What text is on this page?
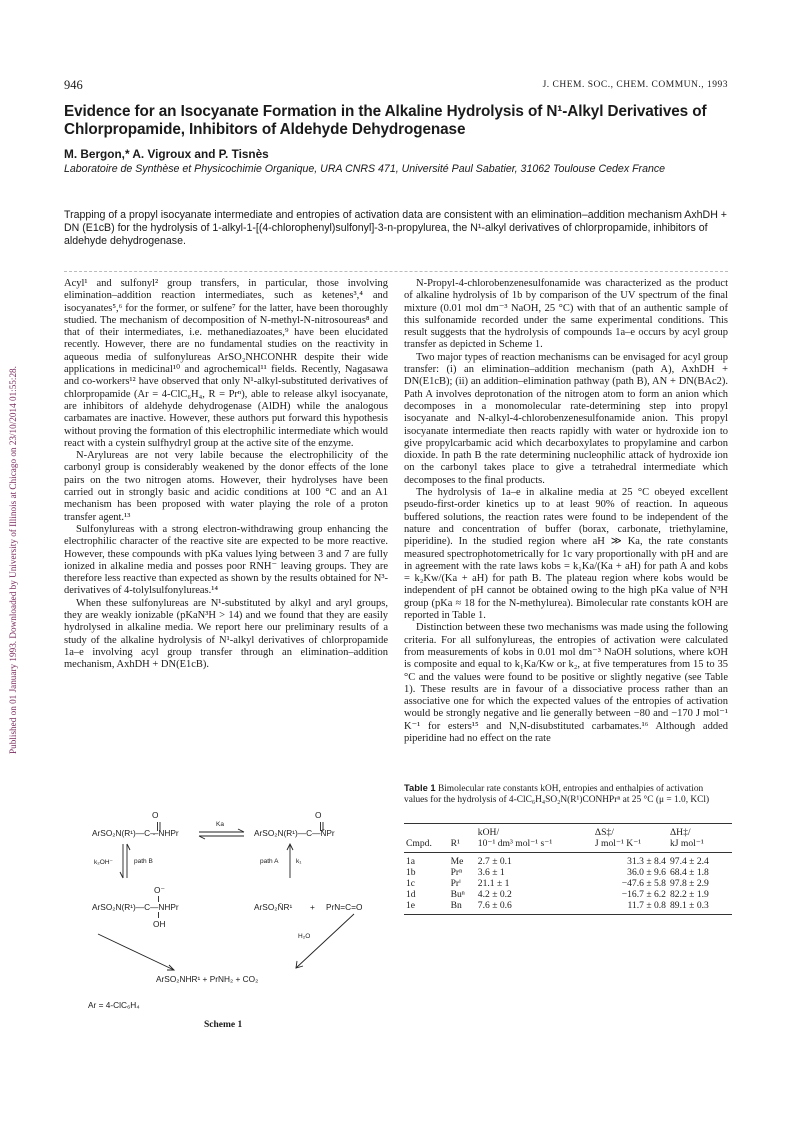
Published on 01 January 1993. Downloaded by University of Illinois at Chicago on 23/10/2014 01:55:28.
946	J. CHEM. SOC., CHEM. COMMUN., 1993
Evidence for an Isocyanate Formation in the Alkaline Hydrolysis of N¹-Alkyl Derivatives of Chlorpropamide, Inhibitors of Aldehyde Dehydrogenase
M. Bergon,* A. Vigroux and P. Tisnès
Laboratoire de Synthèse et Physicochimie Organique, URA CNRS 471, Université Paul Sabatier, 31062 Toulouse Cedex France
Trapping of a propyl isocyanate intermediate and entropies of activation data are consistent with an elimination–addition mechanism AxhDH + DN (E1cB) for the hydrolysis of 1-alkyl-1-[(4-chlorophenyl)sulfonyl]-3-n-propylurea, the N¹-alkyl derivatives of chlorpropamide, inhibitors of aldehyde dehydrogenase.

Acyl¹ and sulfonyl² group transfers, in particular, those involving elimination–addition reaction intermediates, such as ketenes³,⁴ and isocyanates⁵,⁶ for the former, or sulfene⁷ for the latter, have been thoroughly studied. The mechanism of decomposition of N-methyl-N-nitrosoureas⁸ and that of their intermediates, i.e. methanediazoates,⁹ have been elucidated recently. However, there are no fundamental studies on the reactivity in aqueous media of sulfonylureas ArSO₂NHCONHR despite their wide applications in medicinal¹⁰ and agrochemical¹¹ fields. Recently, Nagasawa and co-workers¹² have observed that only N¹-alkyl-substituted derivatives of chlorpropamide (Ar = 4-ClC₆H₄, R = Prⁿ), able to release alkyl isocyanate, are inhibitors of aldehyde dehydrogenase (AlDH) while the analogous carbamates are inactive. However, these authors put forward this hypothesis without proving the formation of this electrophilic intermediate which would react with a cystein sulfhydryl group at the active site of the enzyme.

N-Arylureas are not very labile because the electrophilicity of the carbonyl group is considerably weakened by the donor effects of the lone pairs on the two nitrogen atoms. However, their hydrolyses have been carried out in strongly basic and acidic conditions at 100 °C and an A1 mechanism has been proposed with water playing the role of a proton transfer agent.¹³

Sulfonylureas with a strong electron-withdrawing group enhancing the electrophilic character of the reactive site are expected to be more reactive. However, these compounds with pKa values lying between 3 and 7 are fully ionized in alkaline media and posses poor RNH⁻ leaving groups. They are therefore less reactive than expected as shown by the results obtained for N³-derivatives of 4-tolylsulfonylureas.¹⁴

When these sulfonylureas are N¹-substituted by alkyl and aryl groups, they are weakly ionizable (pKaN³H > 14) and we found that they are easily hydrolysed in alkaline media. We report here our preliminary results of a study of the alkaline hydrolysis of N¹-alkyl derivatives of chlorpropamide 1a–e involving acyl group transfer through an elimination–addition mechanism, AxhDH + DN(E1cB).

O	O
ArSO₂N(R¹)—C—NHPr
Ka
ArSO₂N(R¹)—C—N̄Pr
k₂OH⁻	path B	path A	k₁
O⁻
ArSO₂N(R¹)—C—NHPr
OH
ArSO₂N̄R¹ + PrN=C=O
H₂O
ArSO₂NHR¹ + PrNH₂ + CO₂
Ar = 4-ClC₆H₄
Scheme 1

N-Propyl-4-chlorobenzenesulfonamide was characterized as the product of alkaline hydrolysis of 1b by comparison of the UV spectrum of the final mixture (0.01 mol dm⁻³ NaOH, 25 °C) with that of an authentic sample of this sulfonamide recorded under the same experimental conditions. This result suggests that the hydrolysis of compounds 1a–e occurs by acyl group transfer as depicted in Scheme 1.

Two major types of reaction mechanisms can be envisaged for acyl group transfer: (i) an elimination–addition mechanism (path A), AxhDH + DN(E1cB); (ii) an addition–elimination pathway (path B), AN + DN(BAc2). Path A involves deprotonation of the nitrogen atom to form an anion which decomposes in a monomolecular rate-determining step into propyl isocyanate and N-alkyl-4-chlorobenzenesulfonamide anion. This propyl isocyanate intermediate then reacts rapidly with water or hydroxide ion to give propylcarbamic acid which decarboxylates to propylamine and carbon dioxide. In path B the rate determining nucleophilic attack of hydroxide ion on the carbonyl takes place to give a tetrahedral intermediate which decomposes to the final products.

The hydrolysis of 1a–e in alkaline media at 25 °C obeyed excellent pseudo-first-order kinetics up to at least 90% of reaction. In aqueous buffered solutions, the reaction rates were found to be independent of the nature and concentration of buffer (borax, carbonate, triethylamine, piperidine). In the studied region where aH ≫ Ka, the rate constants measured spectrophotometrically for 1c vary proportionally with pH and are in agreement with the rate laws kobs = k₁Ka/(Ka + aH) for path A and kobs = k₂Kw/(Ka + aH) for path B. The plateau region where kobs would be independent of pH cannot be obtained owing to the high pKa value of N³H group (pKa ≈ 18 for the N-methylurea). Bimolecular rate constants kOH are reported in Table 1.

Distinction between these two mechanisms was made using the following criteria. For all sulfonylureas, the entropies of activation were calculated from measurements of kobs in 0.01 mol dm⁻³ NaOH solutions, where kOH is composite and equal to k₁Ka/Kw or k₂, at five temperatures from 15 to 35 °C and the values were found to be positive or slightly negative (see Table 1). These results are in favour of a dissociative process rather than an associative one for which the expected values of the entropies of activation would be strongly negative and lie generally between −80 and −170 J mol⁻¹ K⁻¹ for esters¹⁵ and N,N-disubstituted carbamates.¹⁶ Although added piperidine had no effect on the rate

Table 1 Bimolecular rate constants kOH, entropies and enthalpies of activation values for the hydrolysis of 4-ClC₆H₄SO₂N(R¹)CONHPrⁿ at 25 °C (μ = 1.0, KCl)
		kOH/	ΔS‡/	ΔH‡/
Cmpd.	R¹	10⁻¹ dm³ mol⁻¹ s⁻¹	J mol⁻¹ K⁻¹	kJ mol⁻¹
1a	Me	2.7 ± 0.1	31.3 ± 8.4	97.4 ± 2.4
1b	Prⁿ	3.6 ± 1	36.0 ± 9.6	68.4 ± 1.8
1c	Prⁱ	21.1 ± 1	−47.6 ± 5.8	97.8 ± 2.9
1d	Buⁿ	4.2 ± 0.2	−16.7 ± 6.2	82.2 ± 1.9
1e	Bn	7.6 ± 0.6	11.7 ± 0.8	89.1 ± 0.3
